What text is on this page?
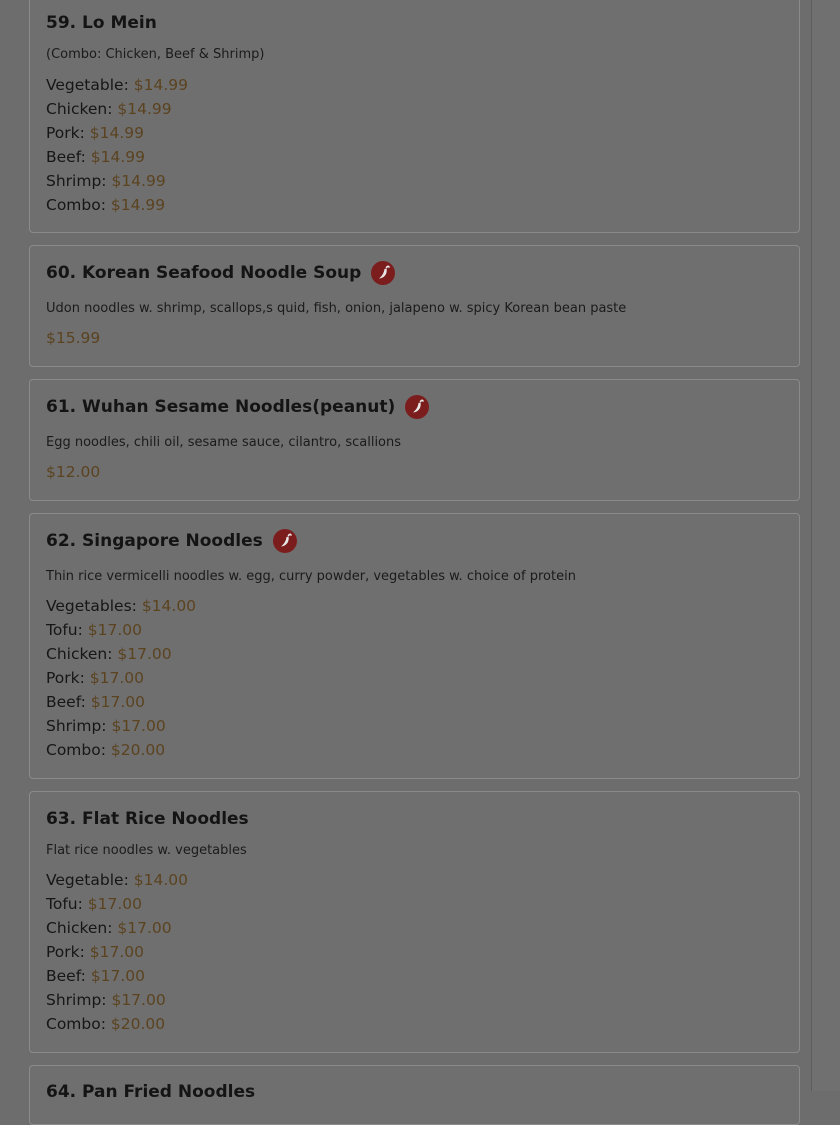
59. Lo Mein
(Combo: Chicken, Beef & Shrimp)
Vegetable: $14.99
Chicken: $14.99
Pork: $14.99
Beef: $14.99
Shrimp: $14.99
Combo: $14.99
60. Korean Seafood Noodle Soup
Udon noodles w. shrimp, scallops,s quid, fish, onion, jalapeno w. spicy Korean bean paste
$15.99
61. Wuhan Sesame Noodles(peanut)
Egg noodles, chili oil, sesame sauce, cilantro, scallions
$12.00
62. Singapore Noodles
Thin rice vermicelli noodles w. egg, curry powder, vegetables w. choice of protein
Vegetables: $14.00
Tofu: $17.00
Chicken: $17.00
Pork: $17.00
Beef: $17.00
Shrimp: $17.00
Combo: $20.00
63. Flat Rice Noodles
Flat rice noodles w. vegetables
Vegetable: $14.00
Tofu: $17.00
Chicken: $17.00
Pork: $17.00
Beef: $17.00
Shrimp: $17.00
Combo: $20.00
64. Pan Fried Noodles
